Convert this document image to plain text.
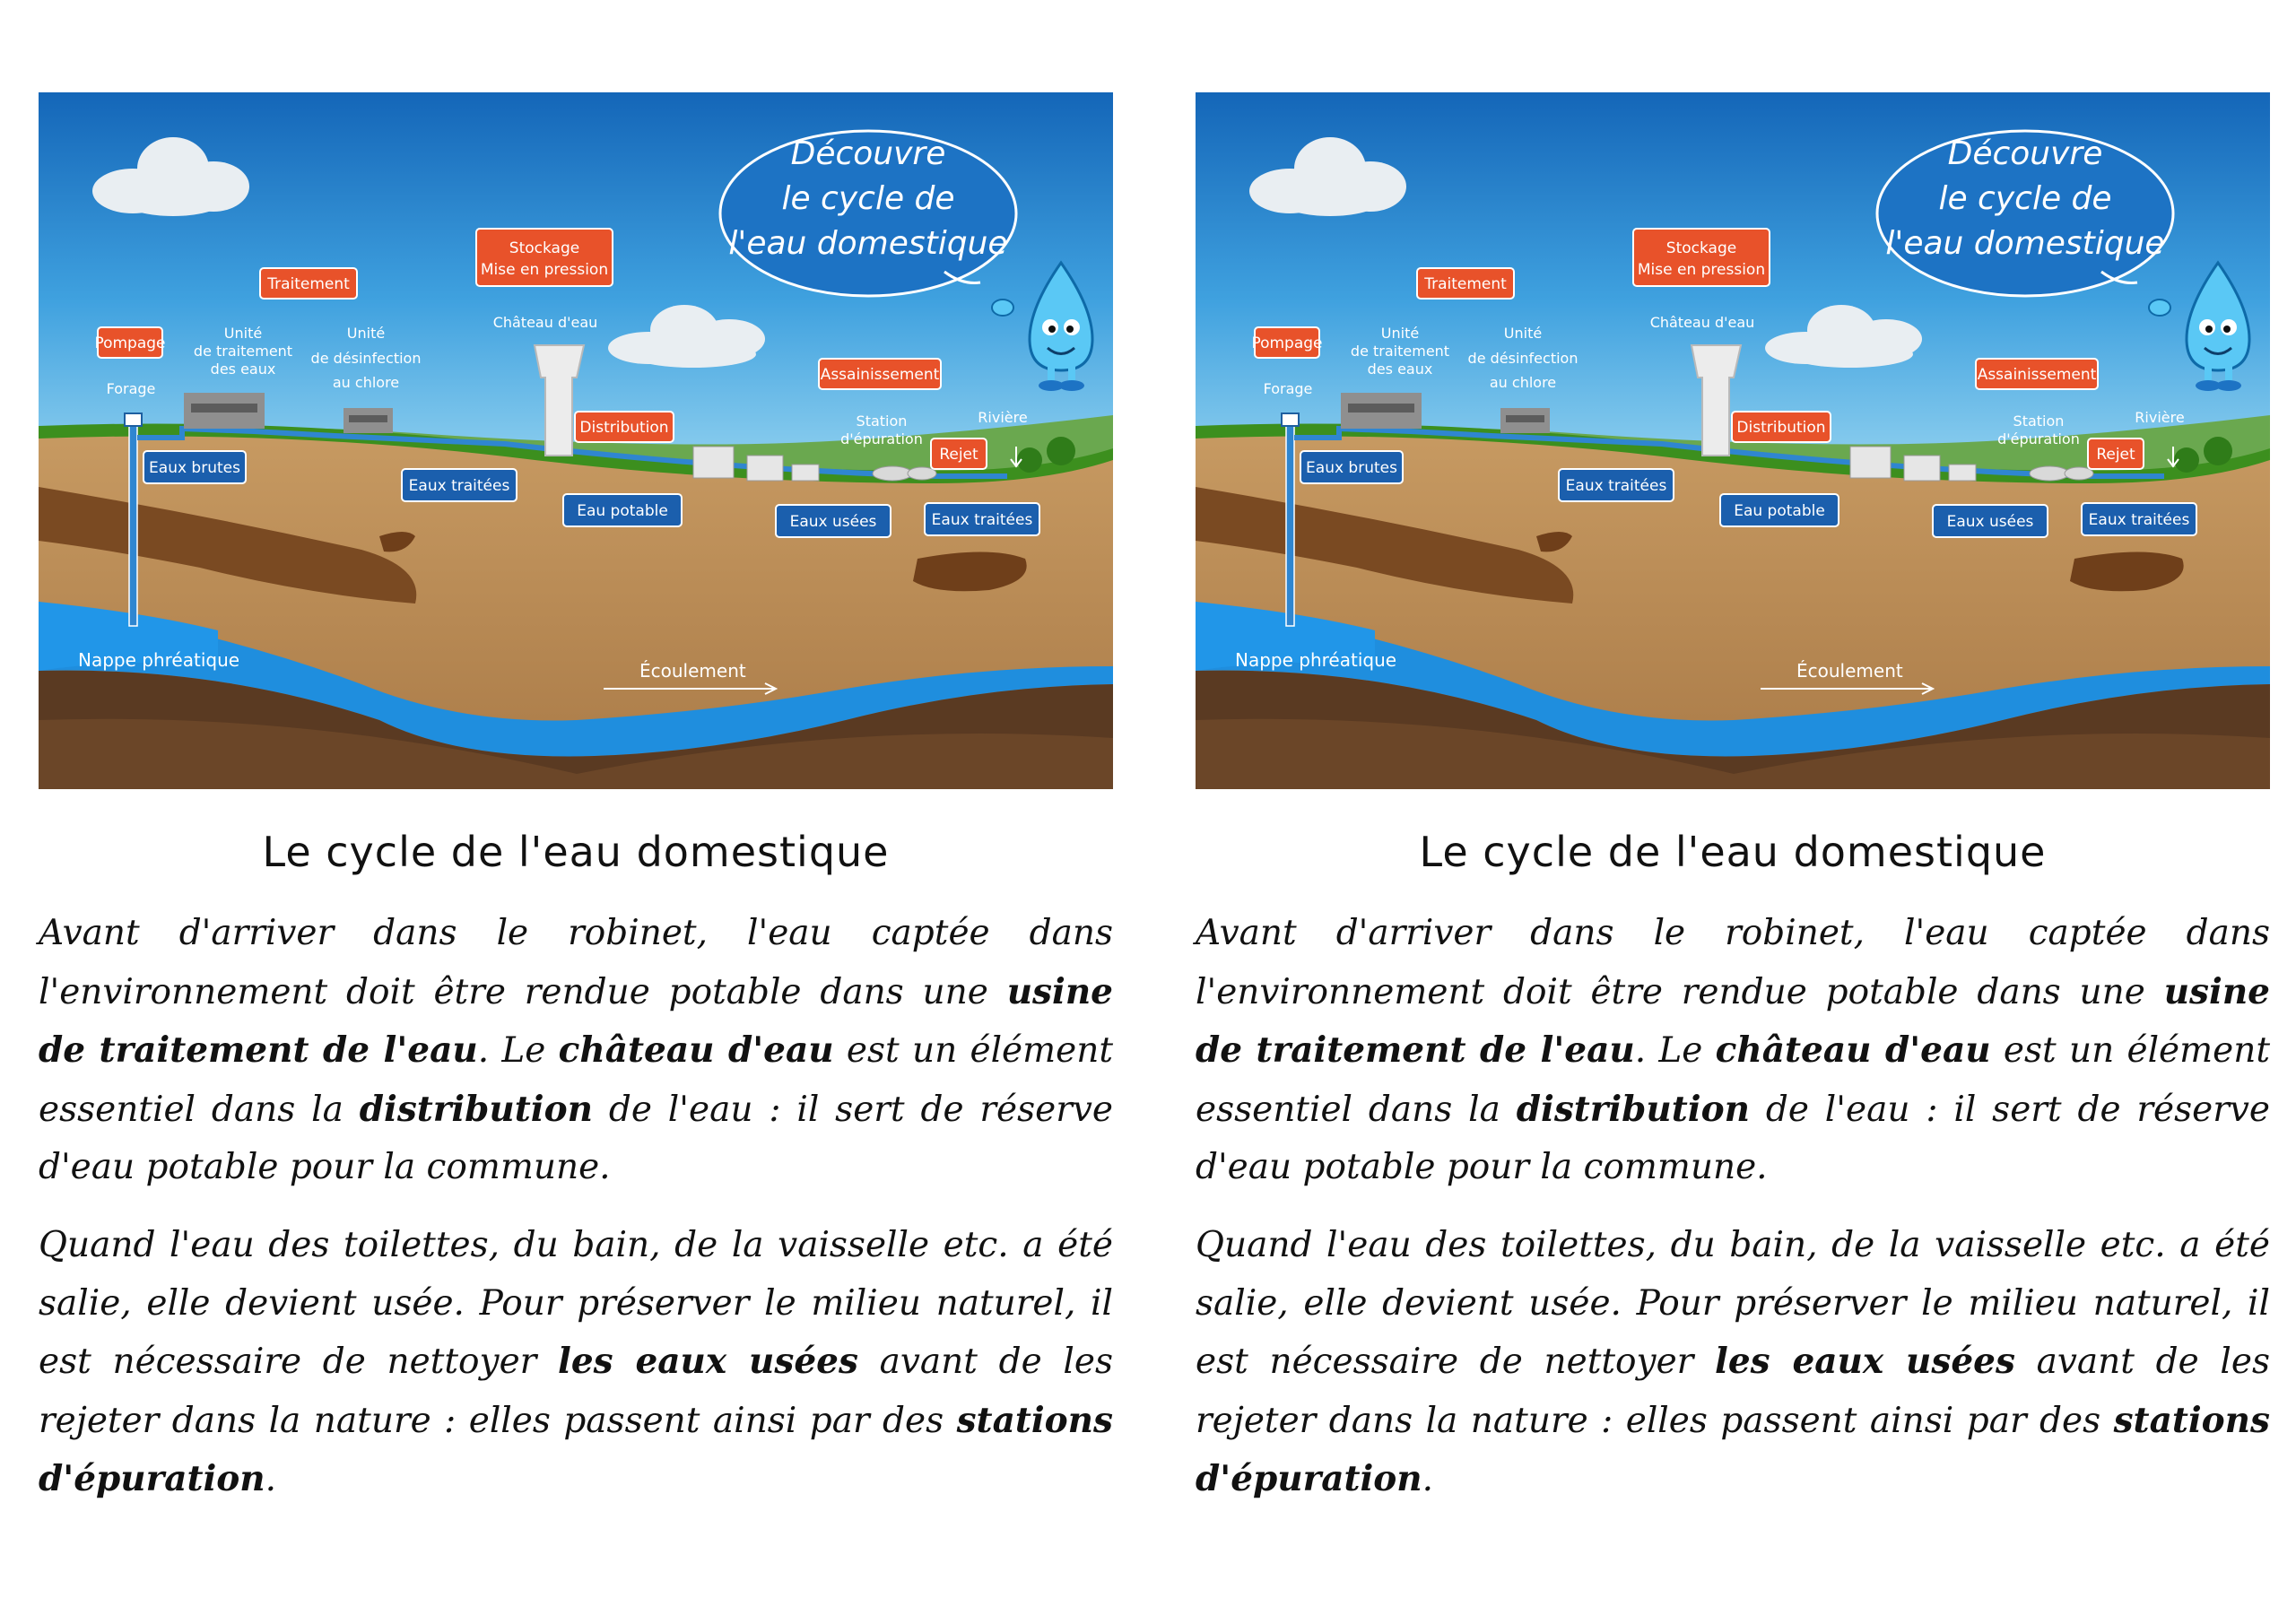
Découvre
le cycle de
l'eau domestique
Pompage
Traitement
Stockage
Mise en pression
Distribution
Assainissement
Rejet
Eaux brutes
Eaux traitées
Eau potable
Eaux usées	Eaux traitées
Forage
Unité
de traitement
des eaux
Unité
de désinfection
au chlore
Château d'eau
Station
d'épuration
Rivière
Nappe phréatique	Écoulement
Le cycle de l'eau domestique

Avant d'arriver dans le robinet, l'eau captée dans l'environnement doit être rendue potable dans une usine de traitement de l'eau. Le château d'eau est un élément essentiel dans la distribution de l'eau : il sert de réserve d'eau potable pour la commune.

Quand l'eau des toilettes, du bain, de la vaisselle etc. a été salie, elle devient usée. Pour préserver le milieu naturel, il est nécessaire de nettoyer les eaux usées avant de les rejeter dans la nature : elles passent ainsi par des stations d'épuration.

Découvre
le cycle de
l'eau domestique
Pompage
Traitement
Stockage
Mise en pression
Distribution
Assainissement
Rejet
Eaux brutes
Eaux traitées
Eau potable
Eaux usées	Eaux traitées
Forage
Unité
de traitement
des eaux
Unité
de désinfection
au chlore
Château d'eau
Station
d'épuration
Rivière
Nappe phréatique	Écoulement
Le cycle de l'eau domestique

Avant d'arriver dans le robinet, l'eau captée dans l'environnement doit être rendue potable dans une usine de traitement de l'eau. Le château d'eau est un élément essentiel dans la distribution de l'eau : il sert de réserve d'eau potable pour la commune.

Quand l'eau des toilettes, du bain, de la vaisselle etc. a été salie, elle devient usée. Pour préserver le milieu naturel, il est nécessaire de nettoyer les eaux usées avant de les rejeter dans la nature : elles passent ainsi par des stations d'épuration.
